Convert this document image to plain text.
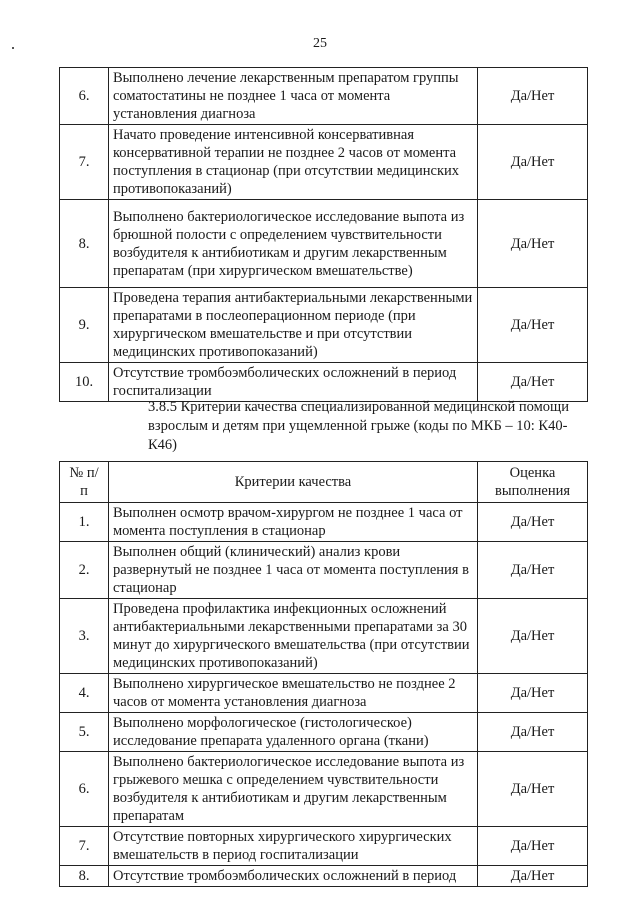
25
6.	Выполнено лечение лекарственным препаратом группы соматостатины не позднее 1 часа от момента установления диагноза	Да/Нет
7.	Начато проведение интенсивной консервативная консервативной терапии не позднее 2 часов от момента поступления в стационар (при отсутствии медицинских противопоказаний)	Да/Нет
8.	Выполнено бактериологическое исследование выпота из брюшной полости с определением чувствительности возбудителя к антибиотикам и другим лекарственным препаратам (при хирургическом вмешательстве)	Да/Нет
9.	Проведена терапия антибактериальными лекарственными препаратами в послеоперационном периоде (при хирургическом вмешательстве и при отсутствии медицинских противопоказаний)	Да/Нет
10.	Отсутствие тромбоэмболических осложнений в период госпитализации	Да/Нет
3.8.5 Критерии качества специализированной медицинской помощи взрослым и детям при ущемленной грыже (коды по МКБ – 10: К40-К46)
№ п/п	Критерии качества	Оценка выполнения
1.	Выполнен осмотр врачом-хирургом не позднее 1 часа от момента поступления в стационар	Да/Нет
2.	Выполнен общий (клинический) анализ крови развернутый не позднее 1 часа от момента поступления в стационар	Да/Нет
3.	Проведена профилактика инфекционных осложнений антибактериальными лекарственными препаратами за 30 минут до хирургического вмешательства (при отсутствии медицинских противопоказаний)	Да/Нет
4.	Выполнено хирургическое вмешательство не позднее 2 часов от момента установления диагноза	Да/Нет
5.	Выполнено морфологическое (гистологическое) исследование препарата удаленного органа (ткани)	Да/Нет
6.	Выполнено бактериологическое исследование выпота из грыжевого мешка с определением чувствительности возбудителя к антибиотикам и другим лекарственным препаратам	Да/Нет
7.	Отсутствие повторных хирургического хирургических вмешательств в период госпитализации	Да/Нет
8.	Отсутствие тромбоэмболических осложнений в период	Да/Нет
